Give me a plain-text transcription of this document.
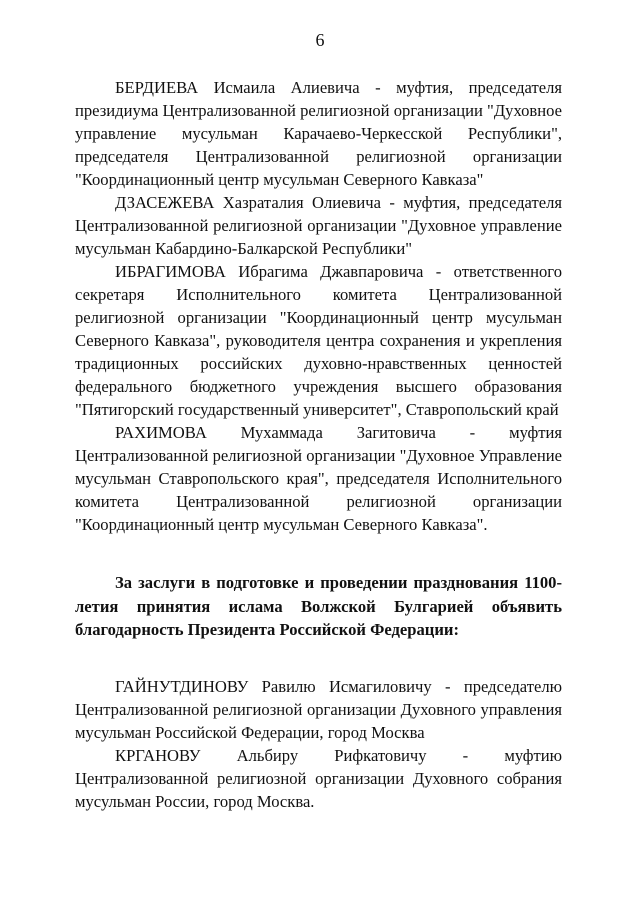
6

БЕРДИЕВА Исмаила Алиевича - муфтия, председателя президиума Централизованной религиозной организации "Духовное управление мусульман Карачаево-Черкесской Республики", председателя Централизованной религиозной организации "Координационный центр мусульман Северного Кавказа"

ДЗАСЕЖЕВА Хазраталия Олиевича - муфтия, председателя Централизованной религиозной организации "Духовное управление мусульман Кабардино-Балкарской Республики"

ИБРАГИМОВА Ибрагима Джавпаровича - ответственного секретаря Исполнительного комитета Централизованной религиозной организации "Координационный центр мусульман Северного Кавказа", руководителя центра сохранения и укрепления традиционных российских духовно-нравственных ценностей федерального бюджетного учреждения высшего образования "Пятигорский государственный университет", Ставропольский край

РАХИМОВА Мухаммада Загитовича - муфтия Централизованной религиозной организации "Духовное Управление мусульман Ставропольского края", председателя Исполнительного комитета Централизованной религиозной организации "Координационный центр мусульман Северного Кавказа".

За заслуги в подготовке и проведении празднования 1100-летия принятия ислама Волжской Булгарией объявить благодарность Президента Российской Федерации:

ГАЙНУТДИНОВУ Равилю Исмагиловичу - председателю Централизованной религиозной организации Духовного управления мусульман Российской Федерации, город Москва

КРГАНОВУ Альбиру Рифкатовичу - муфтию Централизованной религиозной организации Духовного собрания мусульман России, город Москва.
